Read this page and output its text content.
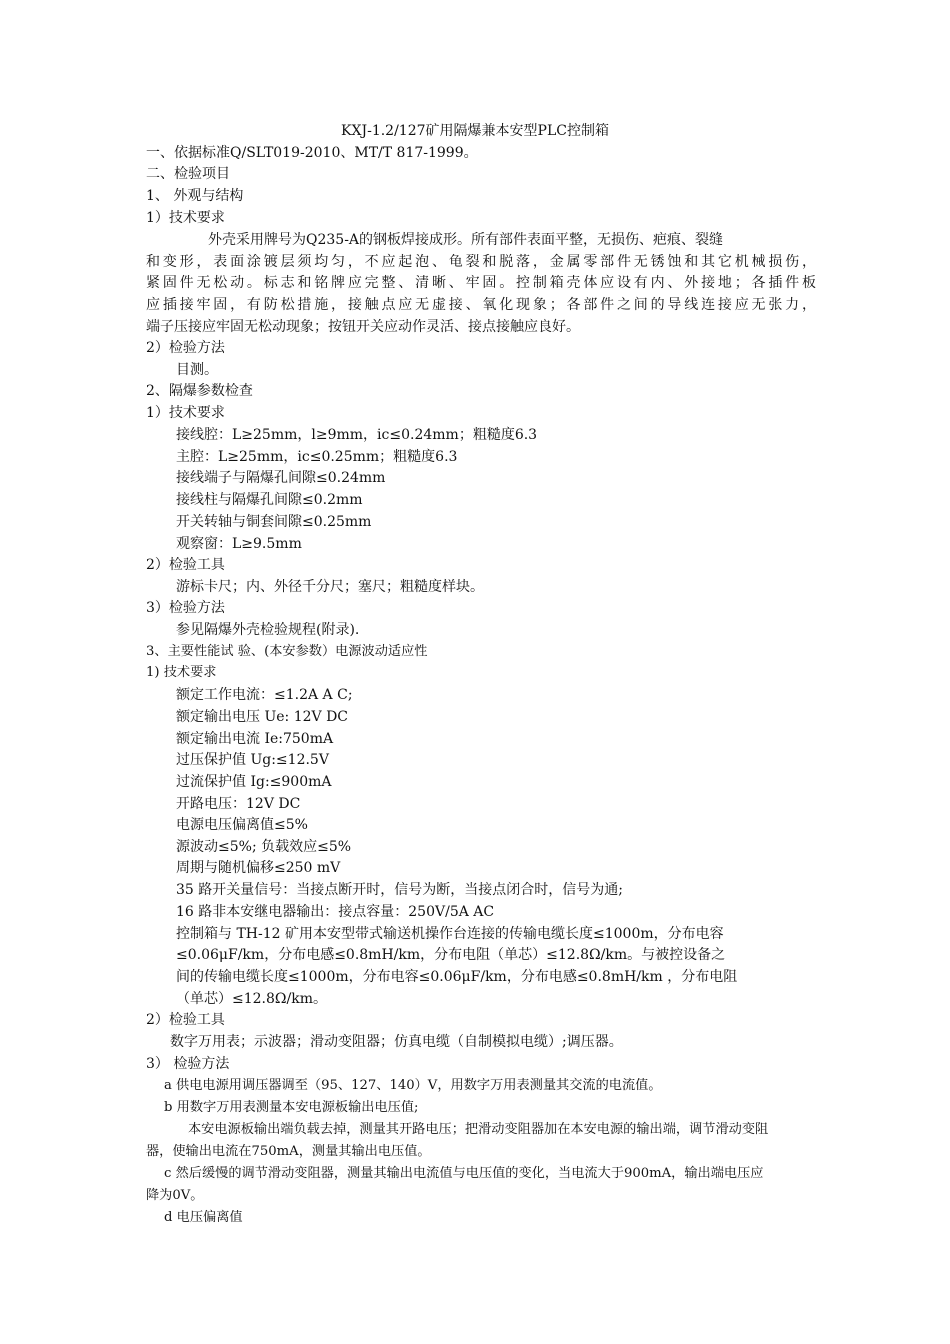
KXJ-1.2/127矿用隔爆兼本安型PLC控制箱
一、依据标准Q/SLT019-2010、MT/T 817-1999。
二、检验项目
1、 外观与结构
1）技术要求
外壳采用牌号为Q235-A的钢板焊接成形。所有部件表面平整，无损伤、疤痕、裂缝
和变形，表面涂镀层须均匀，不应起泡、龟裂和脱落，金属零部件无锈蚀和其它机械损伤，
紧固件无松动。标志和铭牌应完整、清晰、牢固。控制箱壳体应设有内、外接地；各插件板
应插接牢固，有防松措施，接触点应无虚接、氧化现象；各部件之间的导线连接应无张力，
端子压接应牢固无松动现象；按钮开关应动作灵活、接点接触应良好。
2）检验方法
目测。
2、隔爆参数检查
1）技术要求
接线腔：L≥25mm，l≥9mm，ic≤0.24mm；粗糙度6.3
主腔：L≥25mm，ic≤0.25mm；粗糙度6.3
接线端子与隔爆孔间隙≤0.24mm
接线柱与隔爆孔间隙≤0.2mm
开关转轴与铜套间隙≤0.25mm
观察窗：L≥9.5mm
2）检验工具
游标卡尺；内、外径千分尺；塞尺；粗糙度样块。
3）检验方法
参见隔爆外壳检验规程(附录).
3、主要性能试 验、(本安参数）电源波动适应性
1) 技术要求
额定工作电流：≤1.2A A C;
额定输出电压 Ue: 12V DC
额定输出电流 Ie:750mA
过压保护值 Ug:≤12.5V
过流保护值 Ig:≤900mA
开路电压：12V DC
电源电压偏离值≤5%
源波动≤5%; 负载效应≤5%
周期与随机偏移≤250 mV
35 路开关量信号：当接点断开时，信号为断，当接点闭合时，信号为通;
16 路非本安继电器输出：接点容量：250V/5A AC
控制箱与 TH-12 矿用本安型带式输送机操作台连接的传输电缆长度≤1000m，分布电容
≤0.06μF/km，分布电感≤0.8mH/km，分布电阻（单芯）≤12.8Ω/km。与被控设备之
间的传输电缆长度≤1000m，分布电容≤0.06μF/km，分布电感≤0.8mH/km ，分布电阻
（单芯）≤12.8Ω/km。
2）检验工具
数字万用表；示波器；滑动变阻器；仿真电缆（自制模拟电缆）;调压器。
3） 检验方法
a 供电电源用调压器调至（95、127、140）V，用数字万用表测量其交流的电流值。
b 用数字万用表测量本安电源板输出电压值;
本安电源板输出端负载去掉，测量其开路电压；把滑动变阻器加在本安电源的输出端，调节滑动变阻
器，使输出电流在750mA，测量其输出电压值。
c 然后缓慢的调节滑动变阻器，测量其输出电流值与电压值的变化，当电流大于900mA，输出端电压应
降为0V。
d 电压偏离值
